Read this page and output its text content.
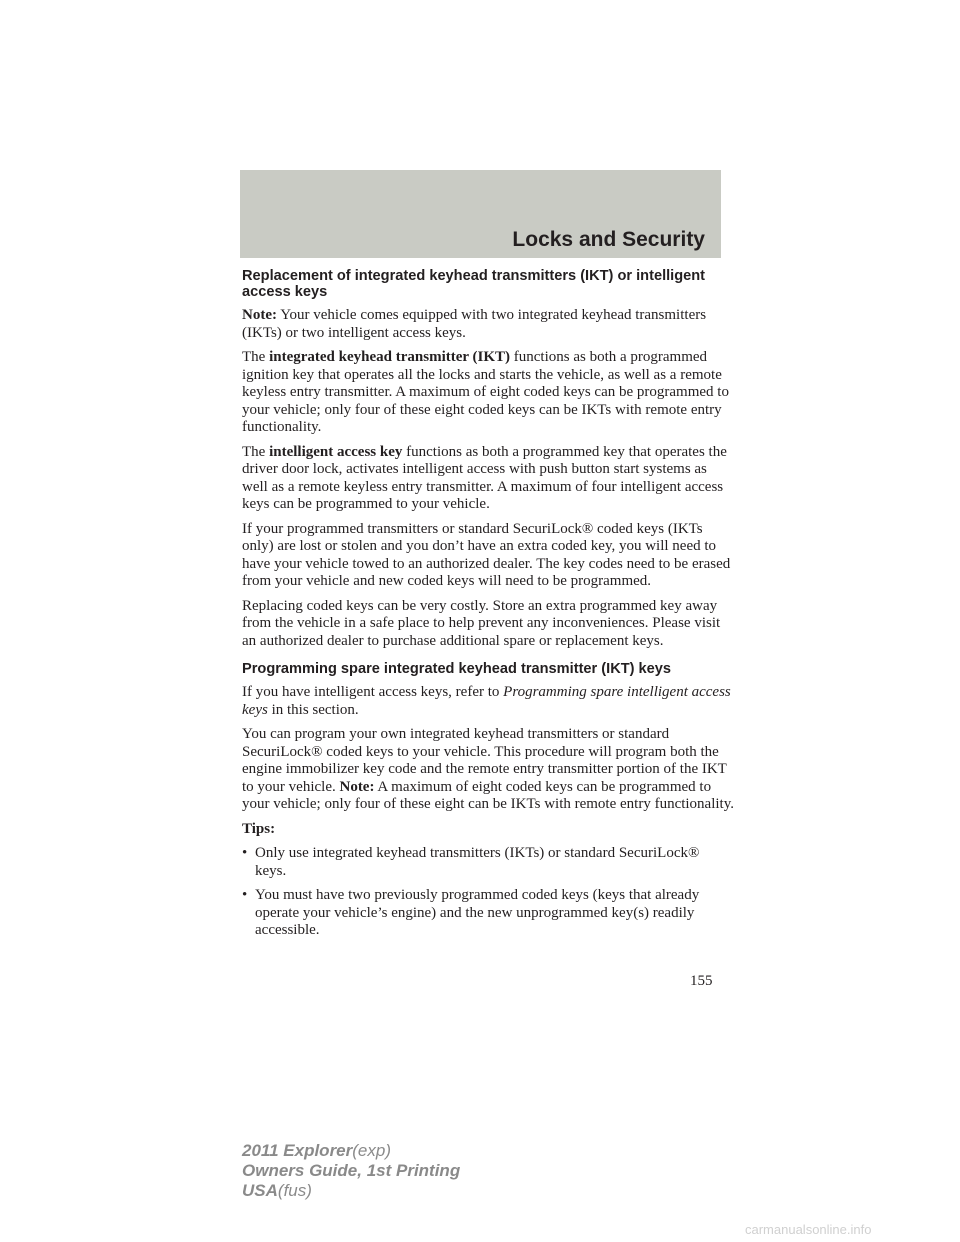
Locks and Security
Replacement of integrated keyhead transmitters (IKT) or intelligent access keys

Note: Your vehicle comes equipped with two integrated keyhead transmitters (IKTs) or two intelligent access keys.

The integrated keyhead transmitter (IKT) functions as both a programmed ignition key that operates all the locks and starts the vehicle, as well as a remote keyless entry transmitter. A maximum of eight coded keys can be programmed to your vehicle; only four of these eight coded keys can be IKTs with remote entry functionality.

The intelligent access key functions as both a programmed key that operates the driver door lock, activates intelligent access with push button start systems as well as a remote keyless entry transmitter. A maximum of four intelligent access keys can be programmed to your vehicle.

If your programmed transmitters or standard SecuriLock® coded keys (IKTs only) are lost or stolen and you don’t have an extra coded key, you will need to have your vehicle towed to an authorized dealer. The key codes need to be erased from your vehicle and new coded keys will need to be programmed.

Replacing coded keys can be very costly. Store an extra programmed key away from the vehicle in a safe place to help prevent any inconveniences. Please visit an authorized dealer to purchase additional spare or replacement keys.

Programming spare integrated keyhead transmitter (IKT) keys

If you have intelligent access keys, refer to Programming spare intelligent access keys in this section.

You can program your own integrated keyhead transmitters or standard SecuriLock® coded keys to your vehicle. This procedure will program both the engine immobilizer key code and the remote entry transmitter portion of the IKT to your vehicle. Note: A maximum of eight coded keys can be programmed to your vehicle; only four of these eight can be IKTs with remote entry functionality.

Tips:

• Only use integrated keyhead transmitters (IKTs) or standard SecuriLock® keys.
• You must have two previously programmed coded keys (keys that already operate your vehicle’s engine) and the new unprogrammed key(s) readily accessible.
155
2011 Explorer(exp)
Owners Guide, 1st Printing
USA(fus)
carmanualsonline.info
